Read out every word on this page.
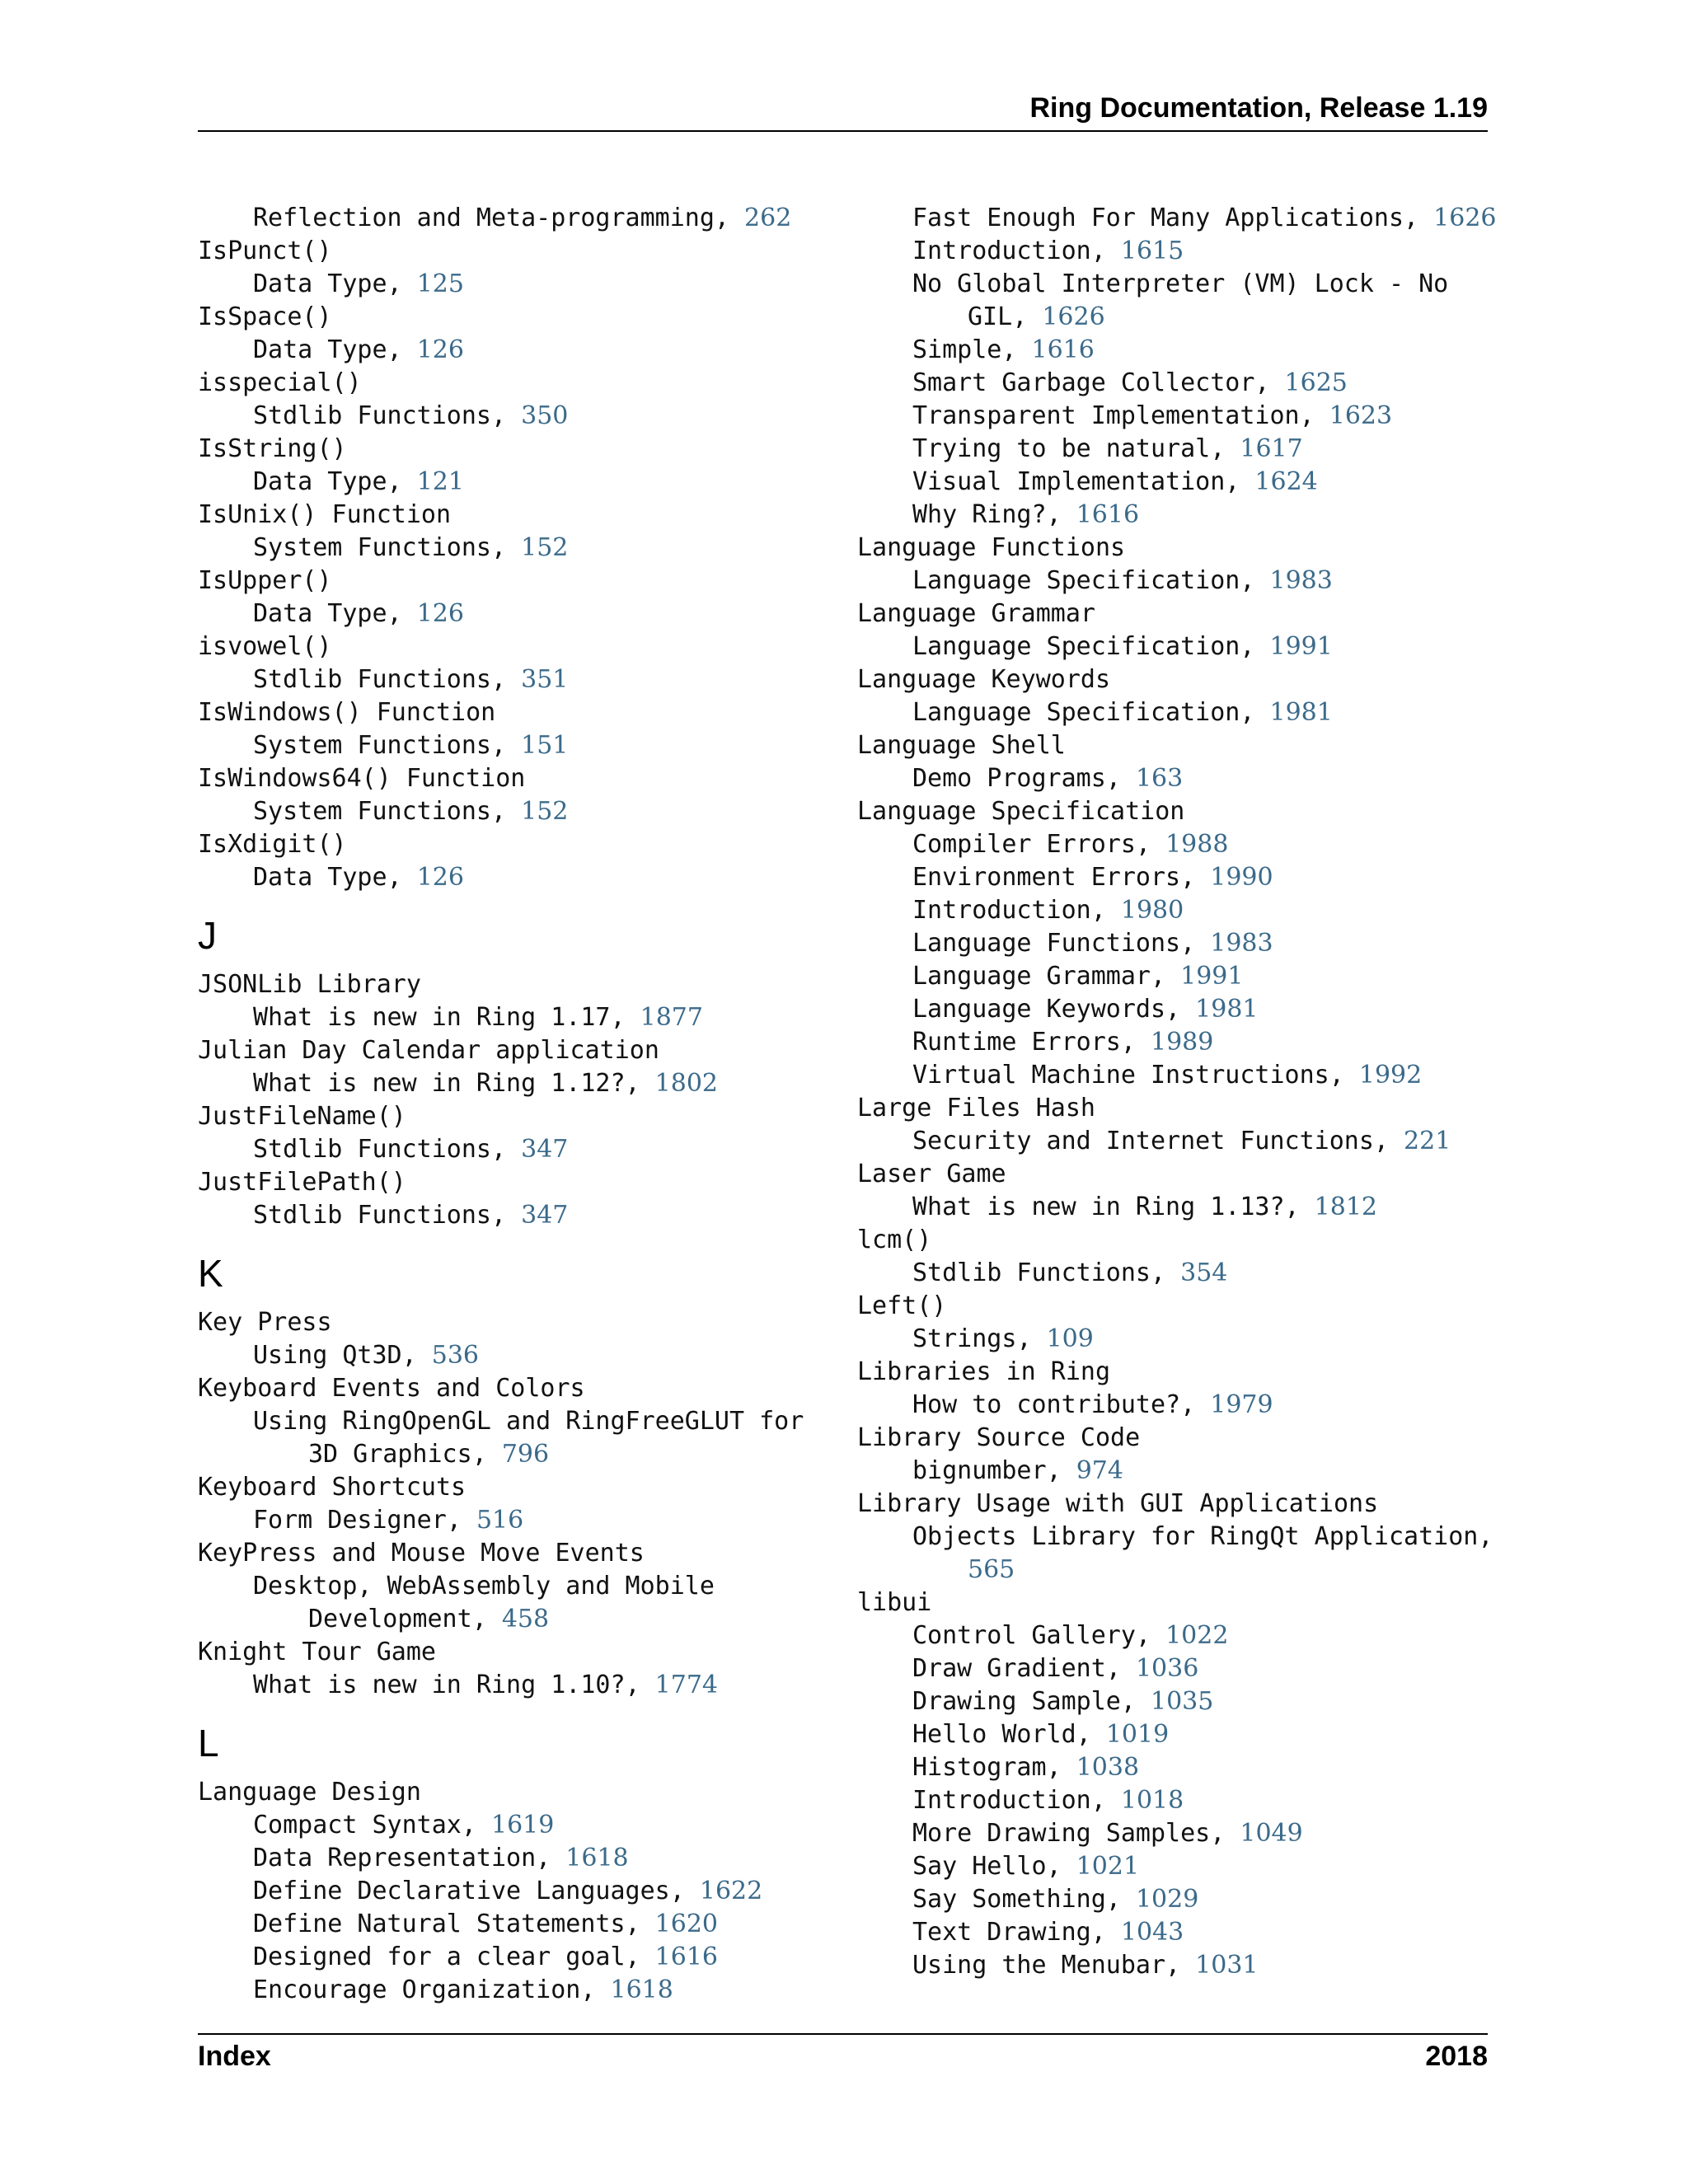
Ring Documentation, Release 1.19
Reflection and Meta-programming, 262
IsPunct()
Data Type, 125
IsSpace()
Data Type, 126
isspecial()
Stdlib Functions, 350
IsString()
Data Type, 121
IsUnix() Function
System Functions, 152
IsUpper()
Data Type, 126
isvowel()
Stdlib Functions, 351
IsWindows() Function
System Functions, 151
IsWindows64() Function
System Functions, 152
IsXdigit()
Data Type, 126
J
JSONLib Library
What is new in Ring 1.17, 1877
Julian Day Calendar application
What is new in Ring 1.12?, 1802
JustFileName()
Stdlib Functions, 347
JustFilePath()
Stdlib Functions, 347
K
Key Press
Using Qt3D, 536
Keyboard Events and Colors
Using RingOpenGL and RingFreeGLUT for
3D Graphics, 796
Keyboard Shortcuts
Form Designer, 516
KeyPress and Mouse Move Events
Desktop, WebAssembly and Mobile
Development, 458
Knight Tour Game
What is new in Ring 1.10?, 1774
L
Language Design
Compact Syntax, 1619
Data Representation, 1618
Define Declarative Languages, 1622
Define Natural Statements, 1620
Designed for a clear goal, 1616
Encourage Organization, 1618
Fast Enough For Many Applications, 1626
Introduction, 1615
No Global Interpreter (VM) Lock - No
GIL, 1626
Simple, 1616
Smart Garbage Collector, 1625
Transparent Implementation, 1623
Trying to be natural, 1617
Visual Implementation, 1624
Why Ring?, 1616
Language Functions
Language Specification, 1983
Language Grammar
Language Specification, 1991
Language Keywords
Language Specification, 1981
Language Shell
Demo Programs, 163
Language Specification
Compiler Errors, 1988
Environment Errors, 1990
Introduction, 1980
Language Functions, 1983
Language Grammar, 1991
Language Keywords, 1981
Runtime Errors, 1989
Virtual Machine Instructions, 1992
Large Files Hash
Security and Internet Functions, 221
Laser Game
What is new in Ring 1.13?, 1812
lcm()
Stdlib Functions, 354
Left()
Strings, 109
Libraries in Ring
How to contribute?, 1979
Library Source Code
bignumber, 974
Library Usage with GUI Applications
Objects Library for RingQt Application,
565
libui
Control Gallery, 1022
Draw Gradient, 1036
Drawing Sample, 1035
Hello World, 1019
Histogram, 1038
Introduction, 1018
More Drawing Samples, 1049
Say Hello, 1021
Say Something, 1029
Text Drawing, 1043
Using the Menubar, 1031
Index	2018
